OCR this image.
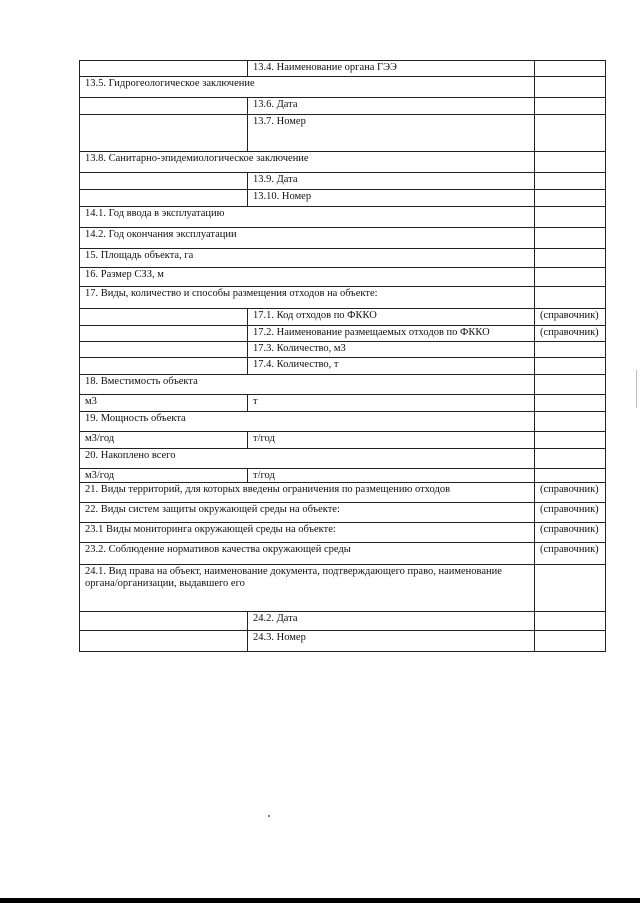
	13.4. Наименование органа ГЭЭ	
13.5. Гидрогеологическое заключение		
	13.6. Дата	
	13.7. Номер	
13.8. Санитарно-эпидемиологическое заключение		
	13.9. Дата	
	13.10. Номер	
14.1. Год ввода в эксплуатацию		
14.2. Год окончания эксплуатации		
15. Площадь объекта, га		
16. Размер СЗЗ, м		
17. Виды, количество и способы размещения отходов на объекте:		
	17.1. Код отходов по ФККО	(справочник)
	17.2. Наименование размещаемых отходов по ФККО	(справочник)
	17.3. Количество, м3	
	17.4. Количество, т	
18. Вместимость объекта		
м3	т	
19. Мощность объекта		
м3/год	т/год	
20. Накоплено всего		
м3/год	т/год	
21. Виды территорий, для которых введены ограничения по размещению отходов		(справочник)
22. Виды систем защиты окружающей среды на объекте:		(справочник)
23.1 Виды мониторинга окружающей среды на объекте:		(справочник)
23.2. Соблюдение нормативов качества окружающей среды		(справочник)
24.1. Вид права на объект, наименование документа, подтверждающего право, наименование органа/организации, выдавшего его		
	24.2. Дата	
	24.3. Номер	
